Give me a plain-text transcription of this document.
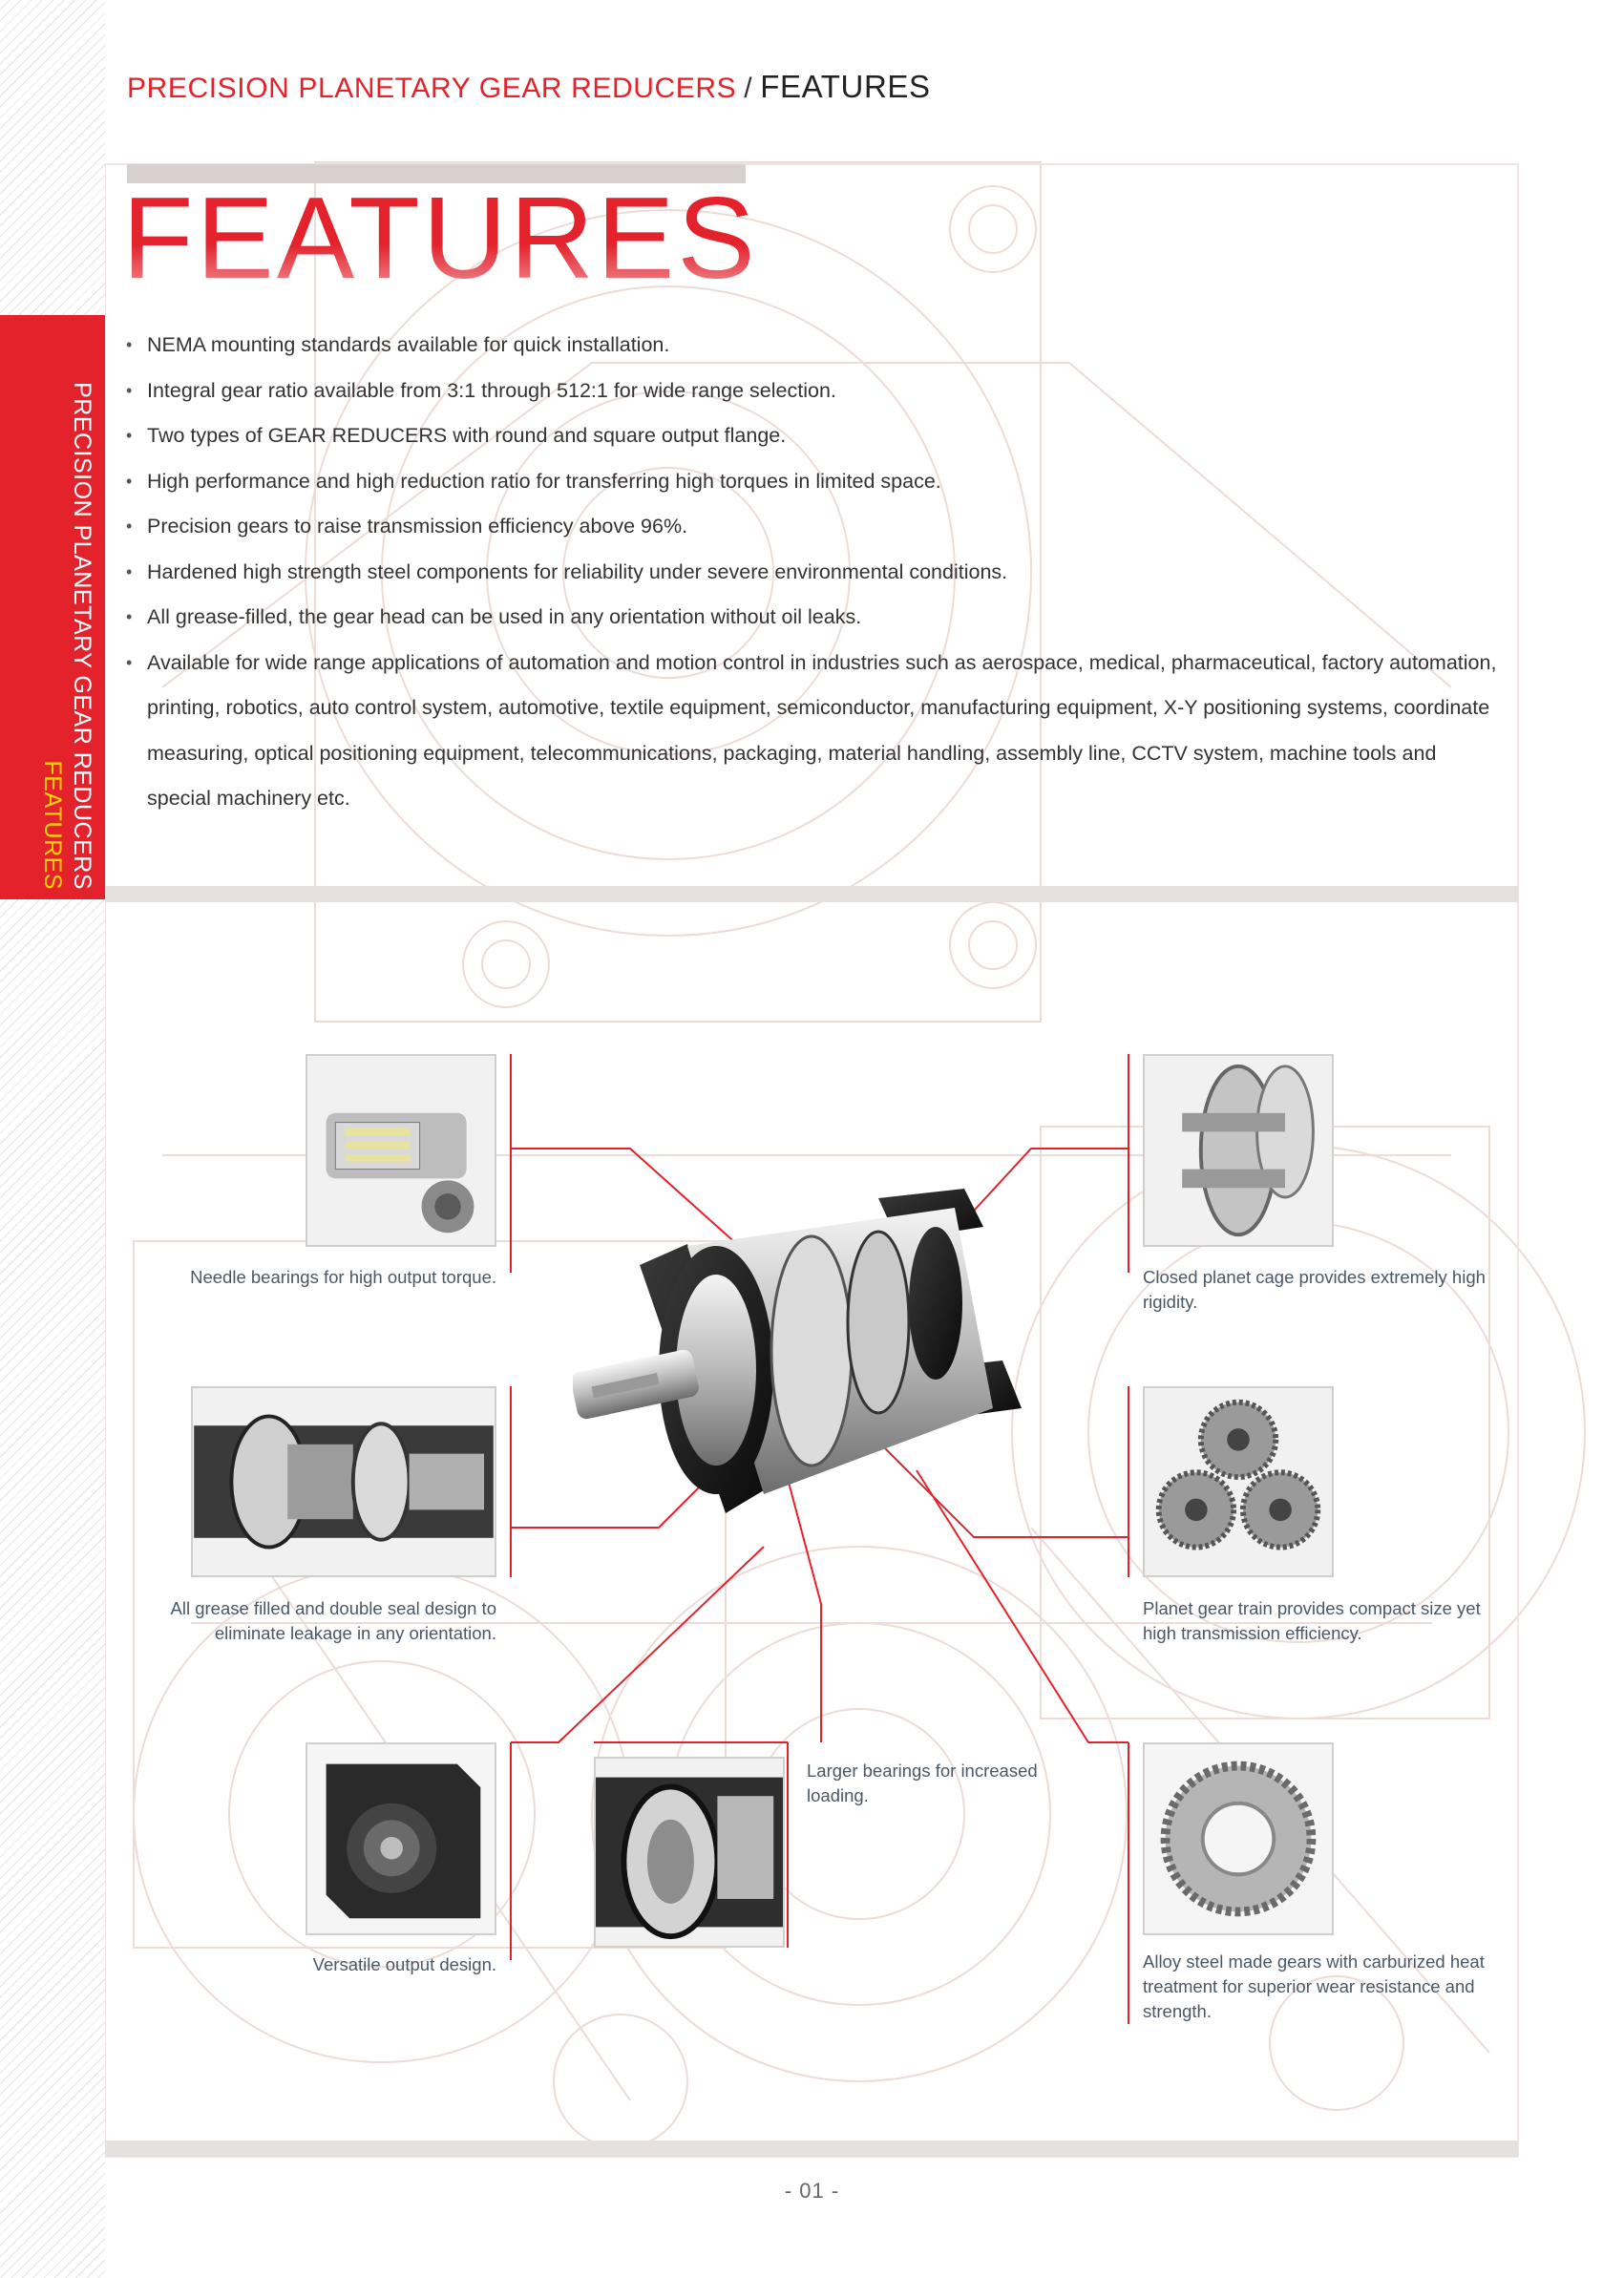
PRECISION PLANETARY GEAR REDUCERS
FEATURES
PRECISION PLANETARY GEAR REDUCERS / FEATURES
FEATURES
• NEMA mounting standards available for quick installation.
• Integral gear ratio available from 3:1 through 512:1 for wide range selection.
• Two types of GEAR REDUCERS with round and square output flange.
• High performance and high reduction ratio for transferring high torques in limited space.
• Precision gears to raise transmission efficiency above 96%.
• Hardened high strength steel components for reliability under severe environmental conditions.
• All grease-filled, the gear head can be used in any orientation without oil leaks.
• Available for wide range applications of automation and motion control in industries such as aerospace, medical, pharmaceutical, factory automation, printing, robotics, auto control system, automotive, textile equipment, semiconductor, manufacturing equipment, X-Y positioning systems, coordinate measuring, optical positioning equipment, telecommunications, packaging, material handling, assembly line, CCTV system, machine tools and special machinery etc.
Needle bearings for high output torque.
All grease filled and double seal design to eliminate leakage in any orientation.
Versatile output design.
Larger bearings for increased loading.
Closed planet cage provides extremely high rigidity.
Planet gear train provides compact size yet high transmission efficiency.
Alloy steel made gears with carburized heat treatment for superior wear resistance and strength.
- 01 -
